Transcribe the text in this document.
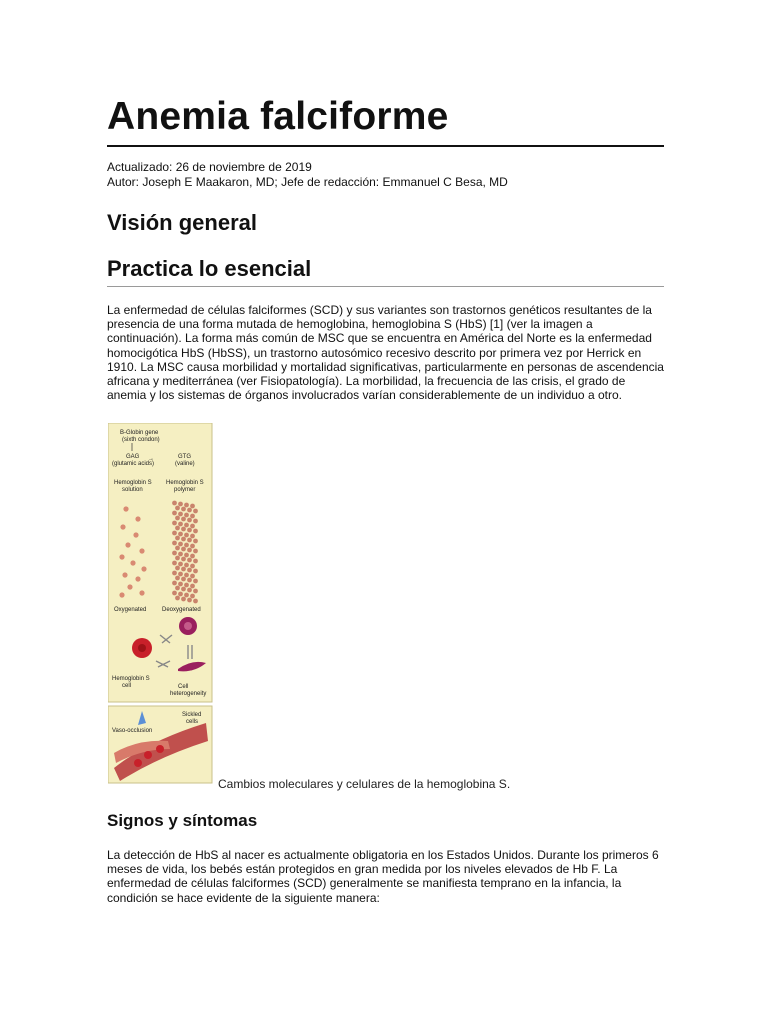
Anemia falciforme
Actualizado: 26 de noviembre de 2019
Autor: Joseph E Maakaron, MD; Jefe de redacción: Emmanuel C Besa, MD
Visión general
Practica lo esencial

La enfermedad de células falciformes (SCD) y sus variantes son trastornos genéticos resultantes de la presencia de una forma mutada de hemoglobina, hemoglobina S (HbS) [1] (ver la imagen a continuación). La forma más común de MSC que se encuentra en América del Norte es la enfermedad homocigótica HbS (HbSS), un trastorno autosómico recesivo descrito por primera vez por Herrick en 1910. La MSC causa morbilidad y mortalidad significativas, particularmente en personas de ascendencia africana y mediterránea (ver Fisiopatología). La morbilidad, la frecuencia de las crisis, el grado de anemia y los sistemas de órganos involucrados varían considerablemente de un individuo a otro.

B-Globin gene
(sixth condon)
GAG
(glutamic acids)
→	GTG
(valine)
Hemoglobin S
solution
Hemoglobin S
polymer
Oxygenated	Deoxygenated
Hemoglobin S
cell	Cell
heterogeneity
Vaso-occlusion
Sickled
cells
Cambios moleculares y celulares de la hemoglobina S.
Signos y síntomas

La detección de HbS al nacer es actualmente obligatoria en los Estados Unidos. Durante los primeros 6 meses de vida, los bebés están protegidos en gran medida por los niveles elevados de Hb F. La enfermedad de células falciformes (SCD) generalmente se manifiesta temprano en la infancia, la condición se hace evidente de la siguiente manera:
